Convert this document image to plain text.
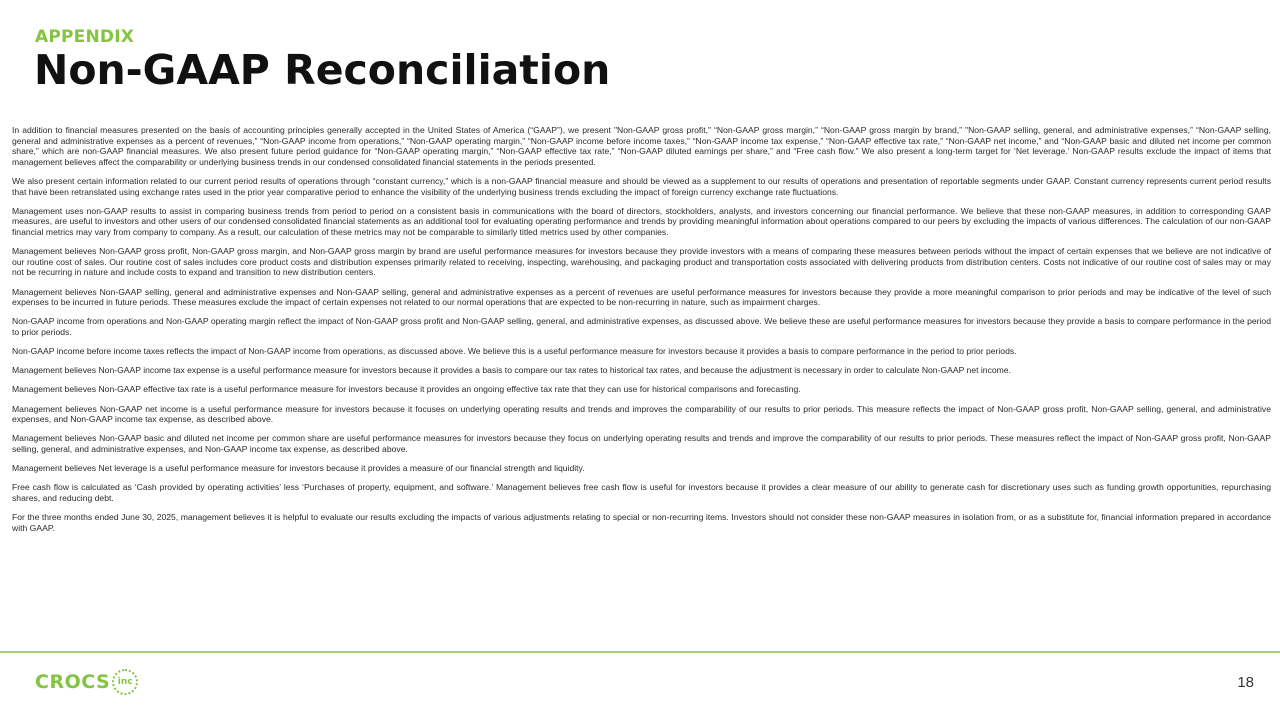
APPENDIX
Non-GAAP Reconciliation

In addition to financial measures presented on the basis of accounting principles generally accepted in the United States of America (“GAAP”), we present "Non-GAAP gross profit," “Non-GAAP gross margin,” “Non-GAAP gross margin by brand,” "Non-GAAP selling, general, and administrative expenses,” “Non-GAAP selling, general and administrative expenses as a percent of revenues,” “Non-GAAP income from operations,” “Non-GAAP operating margin,” “Non-GAAP income before income taxes,” “Non-GAAP income tax expense,” “Non-GAAP effective tax rate,” “Non-GAAP net income,” and “Non-GAAP basic and diluted net income per common share,” which are non-GAAP financial measures. We also present future period guidance for “Non-GAAP operating margin,” “Non-GAAP effective tax rate,” “Non-GAAP diluted earnings per share,” and “Free cash flow.” We also present a long-term target for ‘Net leverage.’ Non-GAAP results exclude the impact of items that management believes affect the comparability or underlying business trends in our condensed consolidated financial statements in the periods presented.

We also present certain information related to our current period results of operations through “constant currency,” which is a non-GAAP financial measure and should be viewed as a supplement to our results of operations and presentation of reportable segments under GAAP. Constant currency represents current period results that have been retranslated using exchange rates used in the prior year comparative period to enhance the visibility of the underlying business trends excluding the impact of foreign currency exchange rate fluctuations.

Management uses non-GAAP results to assist in comparing business trends from period to period on a consistent basis in communications with the board of directors, stockholders, analysts, and investors concerning our financial performance. We believe that these non-GAAP measures, in addition to corresponding GAAP measures, are useful to investors and other users of our condensed consolidated financial statements as an additional tool for evaluating operating performance and trends by providing meaningful information about operations compared to our peers by excluding the impacts of various differences. The calculation of our non-GAAP financial metrics may vary from company to company. As a result, our calculation of these metrics may not be comparable to similarly titled metrics used by other companies.

Management believes Non-GAAP gross profit, Non-GAAP gross margin, and Non-GAAP gross margin by brand are useful performance measures for investors because they provide investors with a means of comparing these measures between periods without the impact of certain expenses that we believe are not indicative of our routine cost of sales. Our routine cost of sales includes core product costs and distribution expenses primarily related to receiving, inspecting, warehousing, and packaging product and transportation costs associated with delivering products from distribution centers. Costs not indicative of our routine cost of sales may or may not be recurring in nature and include costs to expand and transition to new distribution centers.

Management believes Non-GAAP selling, general and administrative expenses and Non-GAAP selling, general and administrative expenses as a percent of revenues are useful performance measures for investors because they provide a more meaningful comparison to prior periods and may be indicative of the level of such expenses to be incurred in future periods. These measures exclude the impact of certain expenses not related to our normal operations that are expected to be non-recurring in nature, such as impairment charges.

Non-GAAP income from operations and Non-GAAP operating margin reflect the impact of Non-GAAP gross profit and Non-GAAP selling, general, and administrative expenses, as discussed above. We believe these are useful performance measures for investors because they provide a basis to compare performance in the period to prior periods.

Non-GAAP income before income taxes reflects the impact of Non-GAAP income from operations, as discussed above. We believe this is a useful performance measure for investors because it provides a basis to compare performance in the period to prior periods.

Management believes Non-GAAP income tax expense is a useful performance measure for investors because it provides a basis to compare our tax rates to historical tax rates, and because the adjustment is necessary in order to calculate Non-GAAP net income.

Management believes Non-GAAP effective tax rate is a useful performance measure for investors because it provides an ongoing effective tax rate that they can use for historical comparisons and forecasting.

Management believes Non-GAAP net income is a useful performance measure for investors because it focuses on underlying operating results and trends and improves the comparability of our results to prior periods. This measure reflects the impact of Non-GAAP gross profit, Non-GAAP selling, general, and administrative expenses, and Non-GAAP income tax expense, as described above.

Management believes Non-GAAP basic and diluted net income per common share are useful performance measures for investors because they focus on underlying operating results and trends and improve the comparability of our results to prior periods. These measures reflect the impact of Non-GAAP gross profit, Non-GAAP selling, general, and administrative expenses, and Non-GAAP income tax expense, as described above.

Management believes Net leverage is a useful performance measure for investors because it provides a measure of our financial strength and liquidity.

Free cash flow is calculated as ‘Cash provided by operating activities’ less ‘Purchases of property, equipment, and software.’ Management believes free cash flow is useful for investors because it provides a clear measure of our ability to generate cash for discretionary uses such as funding growth opportunities, repurchasing shares, and reducing debt.

For the three months ended June 30, 2025, management believes it is helpful to evaluate our results excluding the impacts of various adjustments relating to special or non-recurring items. Investors should not consider these non-GAAP measures in isolation from, or as a substitute for, financial information prepared in accordance with GAAP.

CROCS inc	18
